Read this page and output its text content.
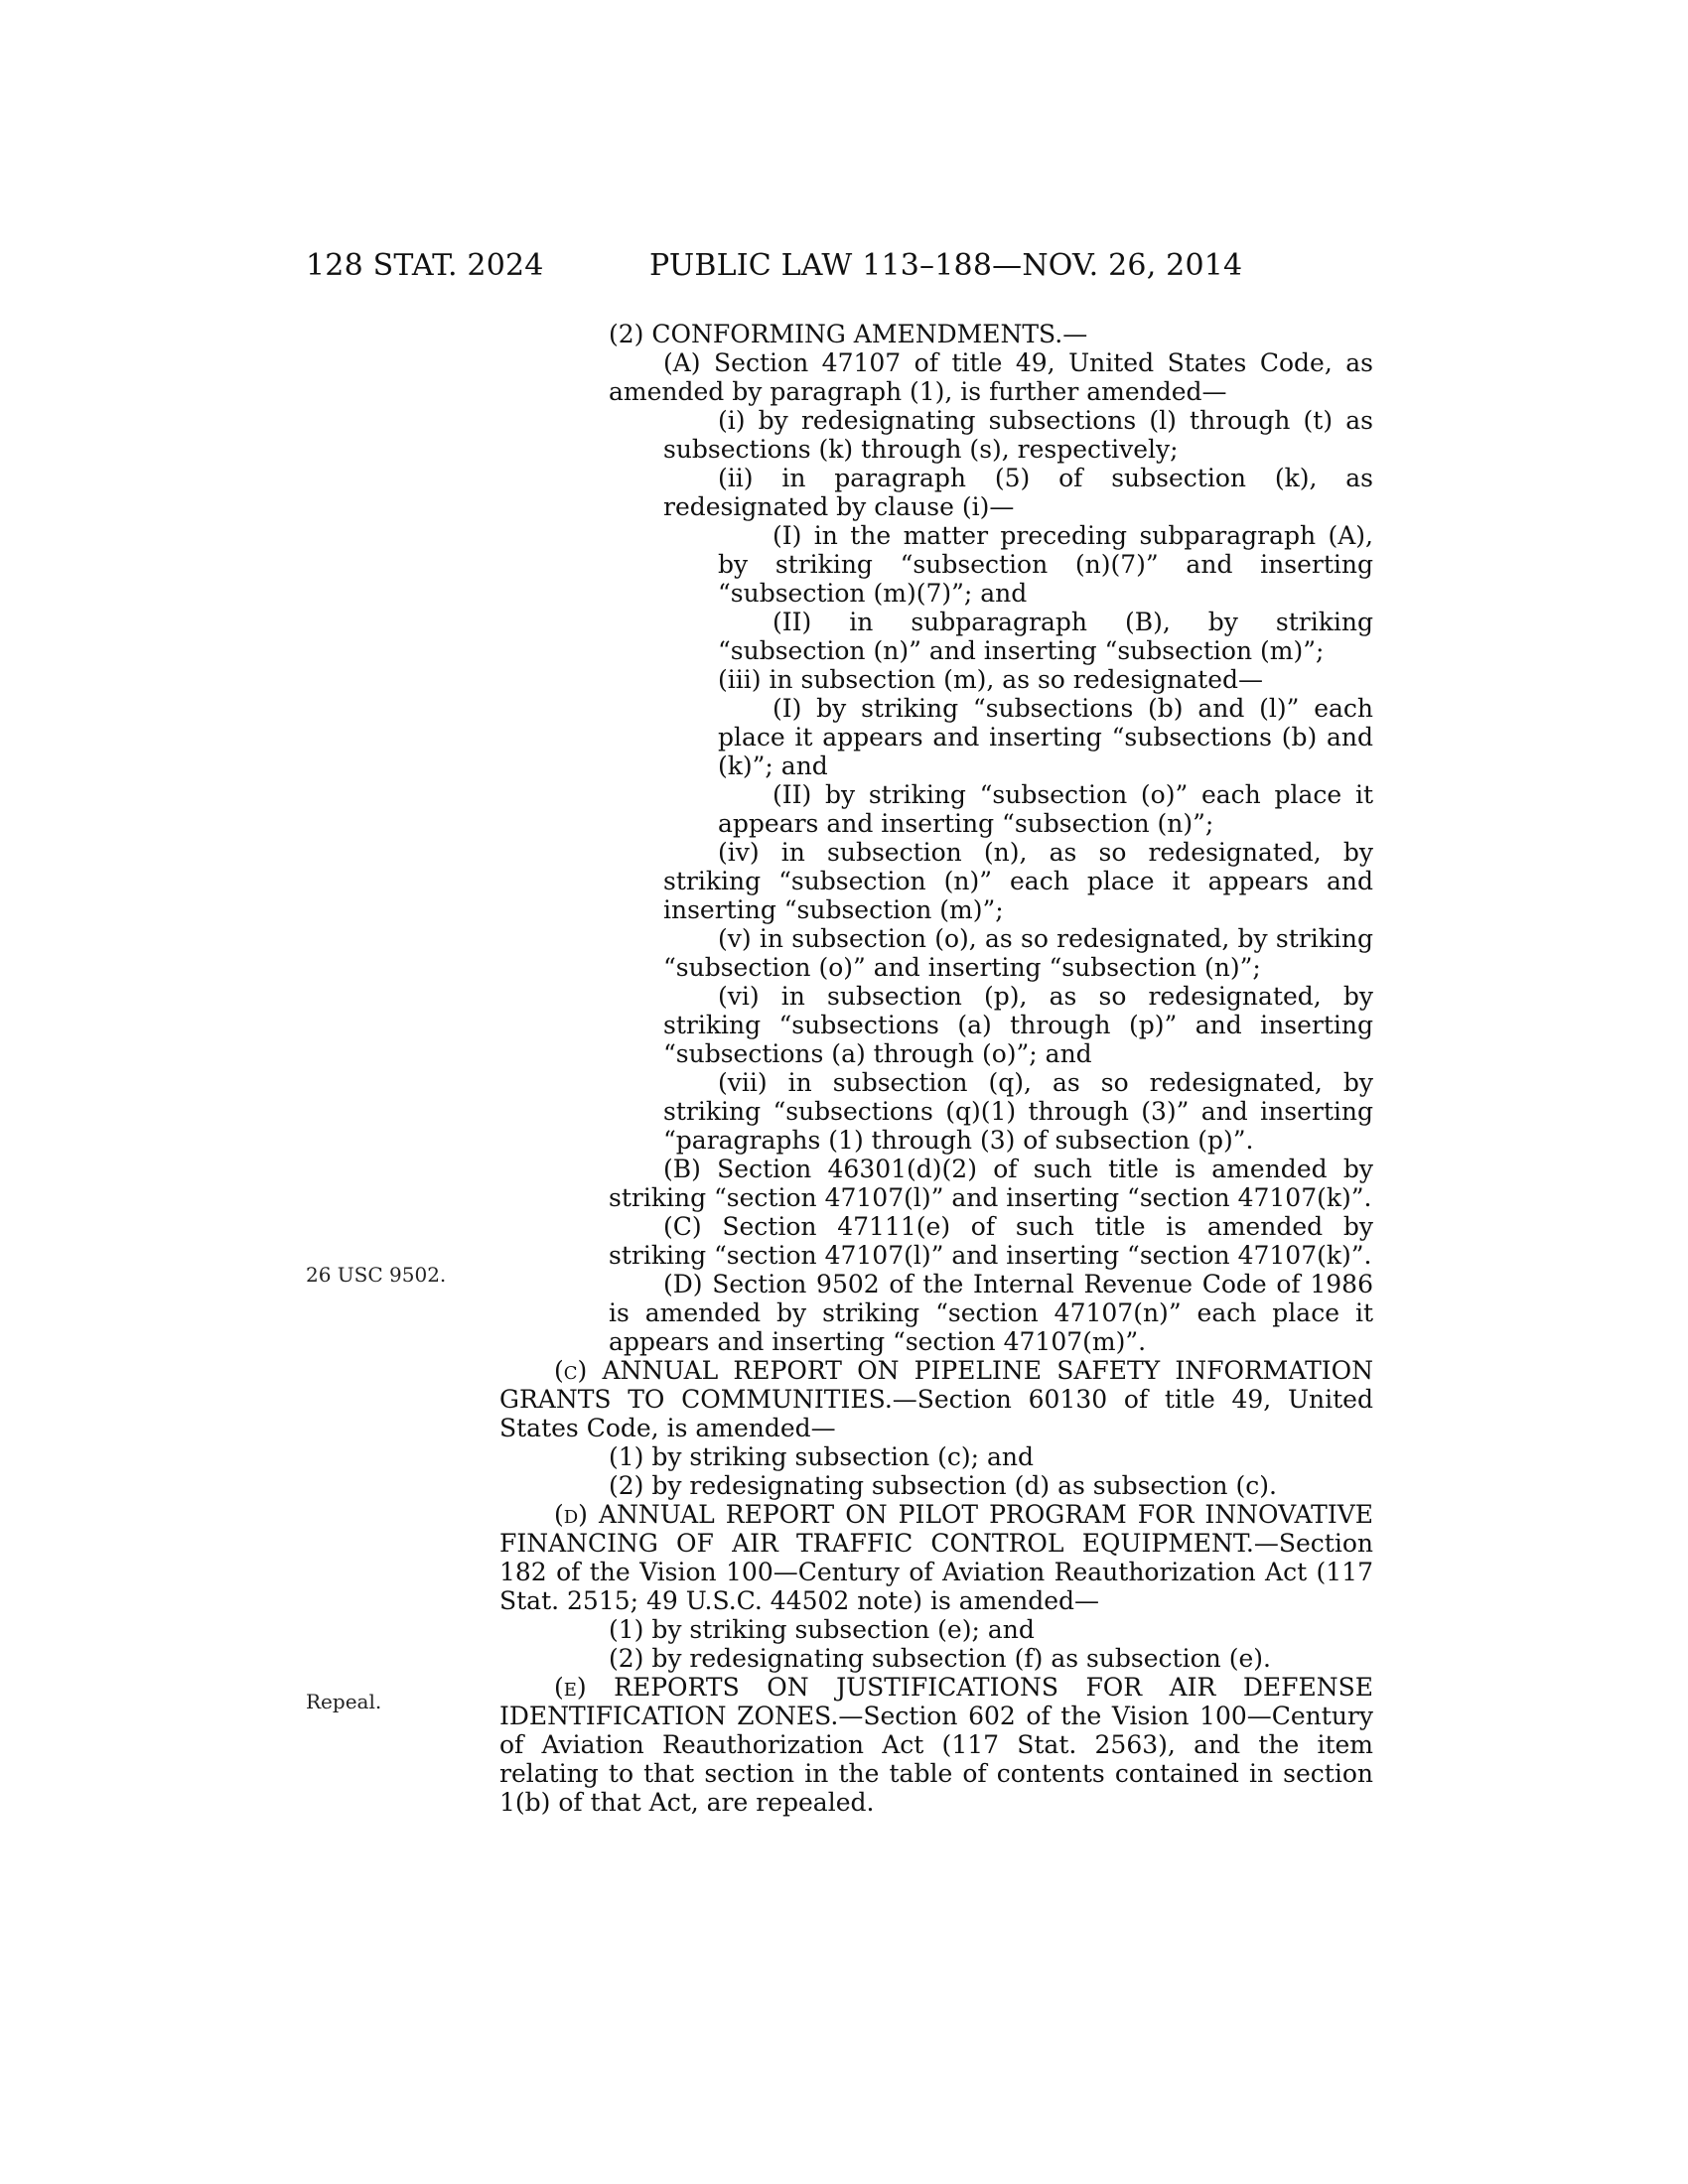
128 STAT. 2024	PUBLIC LAW 113–188—NOV. 26, 2014
26 USC 9502.
Repeal.

(2) CONFORMING AMENDMENTS.—

(A) Section 47107 of title 49, United States Code, as amended by paragraph (1), is further amended—

(i) by redesignating subsections (l) through (t) as subsections (k) through (s), respectively;

(ii) in paragraph (5) of subsection (k), as redesignated by clause (i)—

(I) in the matter preceding subparagraph (A), by striking “subsection (n)(7)” and inserting “subsection (m)(7)”; and

(II) in subparagraph (B), by striking “subsection (n)” and inserting “subsection (m)”;

(iii) in subsection (m), as so redesignated—

(I) by striking “subsections (b) and (l)” each place it appears and inserting “subsections (b) and (k)”; and

(II) by striking “subsection (o)” each place it appears and inserting “subsection (n)”;

(iv) in subsection (n), as so redesignated, by striking “subsection (n)” each place it appears and inserting “subsection (m)”;

(v) in subsection (o), as so redesignated, by striking “subsection (o)” and inserting “subsection (n)”;

(vi) in subsection (p), as so redesignated, by striking “subsections (a) through (p)” and inserting “subsections (a) through (o)”; and

(vii) in subsection (q), as so redesignated, by striking “subsections (q)(1) through (3)” and inserting “paragraphs (1) through (3) of subsection (p)”.

(B) Section 46301(d)(2) of such title is amended by striking “section 47107(l)” and inserting “section 47107(k)”.

(C) Section 47111(e) of such title is amended by striking “section 47107(l)” and inserting “section 47107(k)”.

(D) Section 9502 of the Internal Revenue Code of 1986 is amended by striking “section 47107(n)” each place it appears and inserting “section 47107(m)”.

(c) ANNUAL REPORT ON PIPELINE SAFETY INFORMATION GRANTS TO COMMUNITIES.—Section 60130 of title 49, United States Code, is amended—

(1) by striking subsection (c); and

(2) by redesignating subsection (d) as subsection (c).

(d) ANNUAL REPORT ON PILOT PROGRAM FOR INNOVATIVE FINANCING OF AIR TRAFFIC CONTROL EQUIPMENT.—Section 182 of the Vision 100—Century of Aviation Reauthorization Act (117 Stat. 2515; 49 U.S.C. 44502 note) is amended—

(1) by striking subsection (e); and

(2) by redesignating subsection (f) as subsection (e).

(e) REPORTS ON JUSTIFICATIONS FOR AIR DEFENSE IDENTIFICATION ZONES.—Section 602 of the Vision 100—Century of Aviation Reauthorization Act (117 Stat. 2563), and the item relating to that section in the table of contents contained in section 1(b) of that Act, are repealed.
